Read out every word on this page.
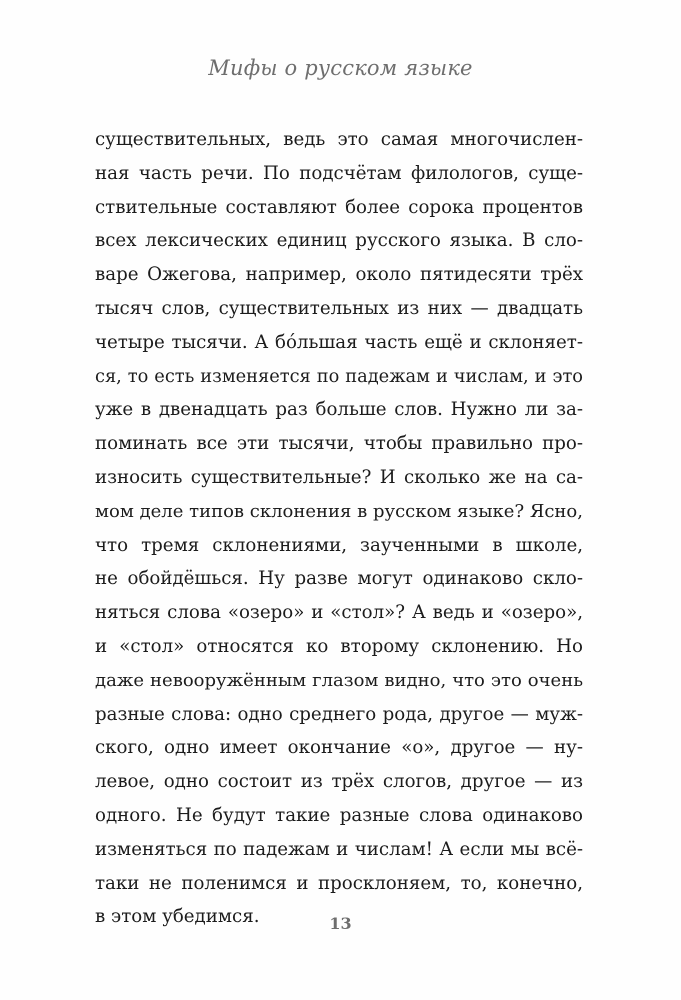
Мифы о русском языке
существительных, ведь это самая многочислен-
ная часть речи. По подсчётам филологов, суще-
ствительные составляют более сорока процентов
всех лексических единиц русского языка. В сло-
варе Ожегова, например, около пятидесяти трёх
тысяч слов, существительных из них — двадцать
четыре тысячи. А бóльшая часть ещё и склоняет-
ся, то есть изменяется по падежам и числам, и это
уже в двенадцать раз больше слов. Нужно ли за-
поминать все эти тысячи, чтобы правильно про-
износить существительные? И сколько же на са-
мом деле типов склонения в русском языке? Ясно,
что тремя склонениями, заученными в школе,
не обойдёшься. Ну разве могут одинаково скло-
няться слова «озеро» и «стол»? А ведь и «озеро»,
и «стол» относятся ко второму склонению. Но
даже невооружённым глазом видно, что это очень
разные слова: одно среднего рода, другое — муж-
ского, одно имеет окончание «о», другое — ну-
левое, одно состоит из трёх слогов, другое — из
одного. Не будут такие разные слова одинаково
изменяться по падежам и числам! А если мы всё-
таки не поленимся и просклоняем, то, конечно,
в этом убедимся.	13
